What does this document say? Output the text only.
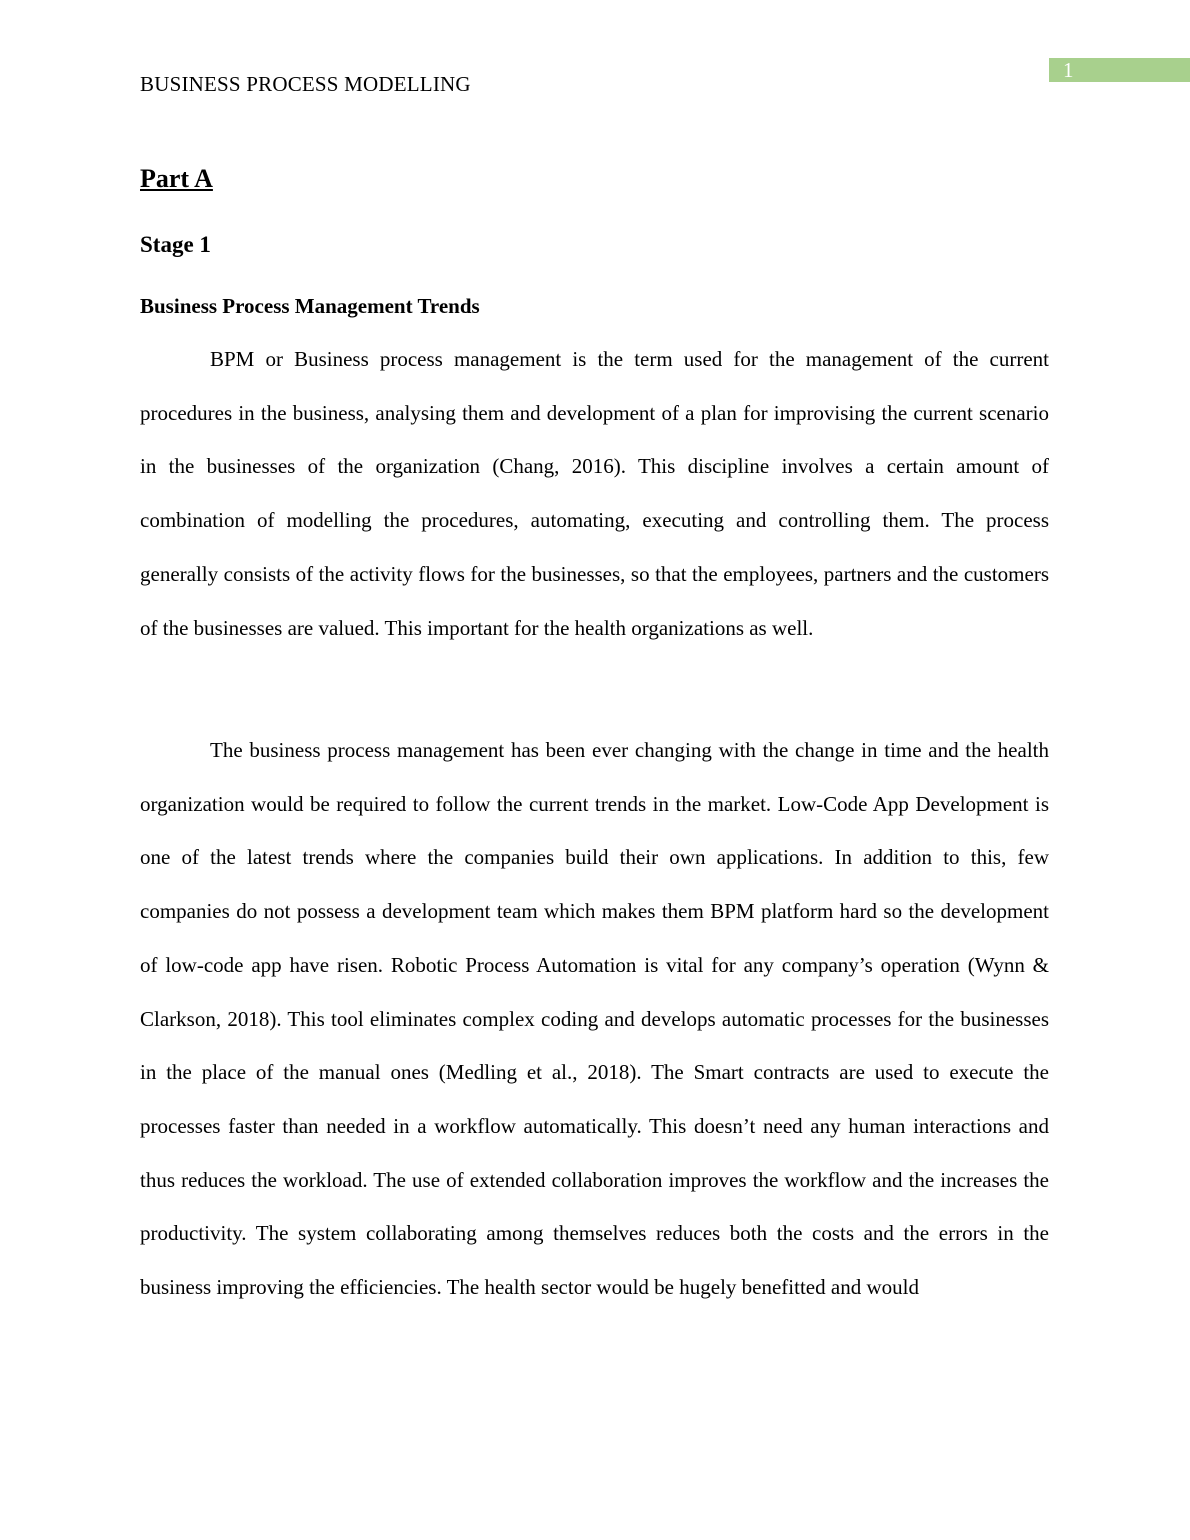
1
BUSINESS PROCESS MODELLING
Part A
Stage 1
Business Process Management Trends

BPM or Business process management is the term used for the management of the current procedures in the business, analysing them and development of a plan for improvising the current scenario in the businesses of the organization (Chang, 2016). This discipline involves a certain amount of combination of modelling the procedures, automating, executing and controlling them. The process generally consists of the activity flows for the businesses, so that the employees, partners and the customers of the businesses are valued. This important for the health organizations as well.

The business process management has been ever changing with the change in time and the health organization would be required to follow the current trends in the market. Low-Code App Development is one of the latest trends where the companies build their own applications. In addition to this, few companies do not possess a development team which makes them BPM platform hard so the development of low-code app have risen. Robotic Process Automation is vital for any company’s operation (Wynn & Clarkson, 2018). This tool eliminates complex coding and develops automatic processes for the businesses in the place of the manual ones (Medling et al., 2018). The Smart contracts are used to execute the processes faster than needed in a workflow automatically. This doesn’t need any human interactions and thus reduces the workload. The use of extended collaboration improves the workflow and the increases the productivity. The system collaborating among themselves reduces both the costs and the errors in the business improving the efficiencies. The health sector would be hugely benefitted and would
